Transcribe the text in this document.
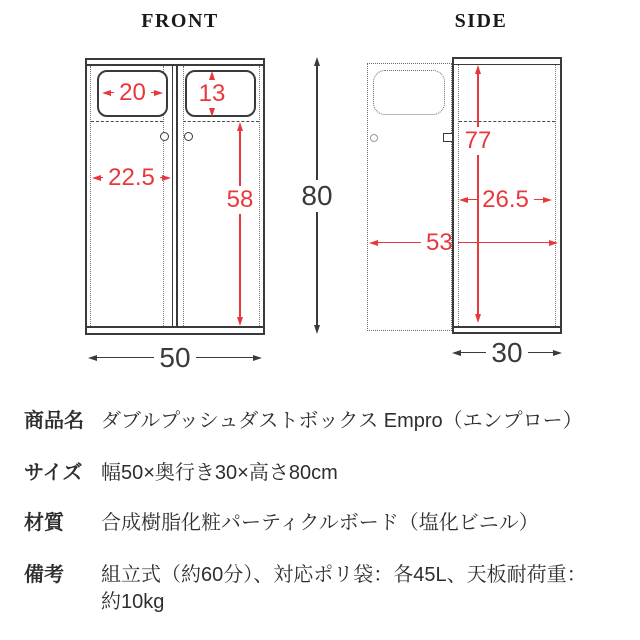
FRONT	SIDE
20 13
22.5
58 80
50
77
26.5
53
30
商品名 ダブルプッシュダストボックス Empro（エンプロー）
サイズ 幅50×奥行き30×高さ80cm
材質	合成樹脂化粧パーティクルボード（塩化ビニル）
備考	組立式（約60分）、対応ポリ袋：各45L、天板耐荷重：約10kg
